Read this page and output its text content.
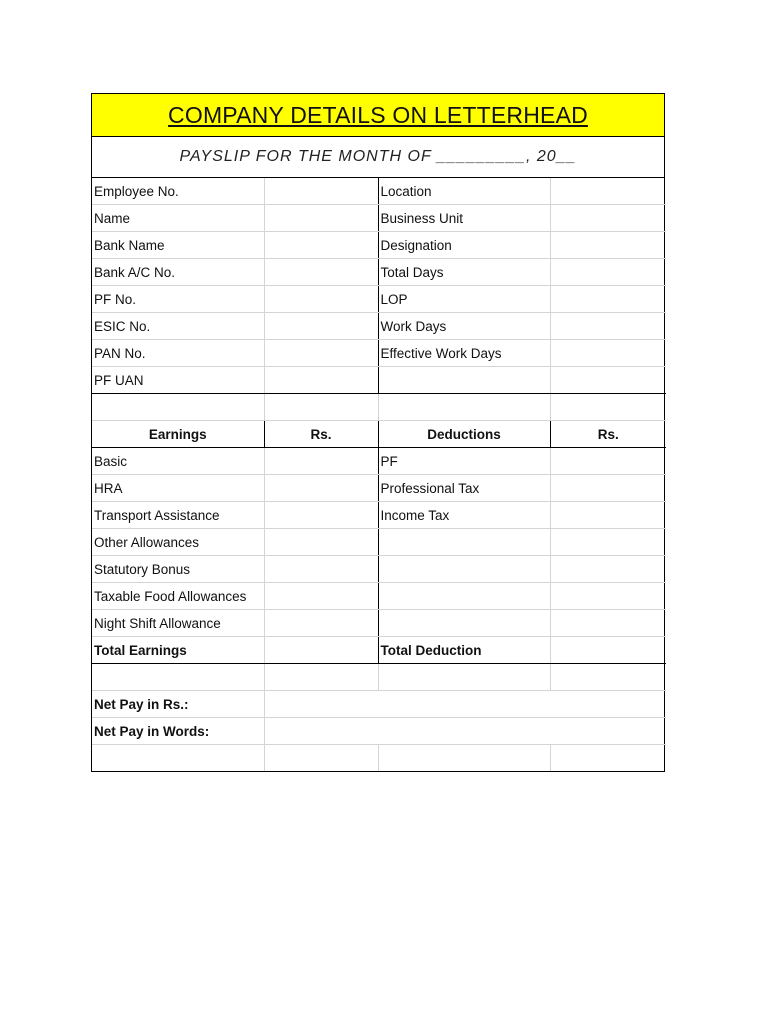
COMPANY DETAILS ON LETTERHEAD
PAYSLIP FOR THE MONTH OF _________, 20__
Employee No.		Location	
Name		Business Unit	
Bank Name		Designation	
Bank A/C No.		Total Days	
PF No.		LOP	
ESIC No.		Work Days	
PAN No.		Effective Work Days	
PF UAN			

Earnings	Rs.	Deductions	Rs.
Basic		PF	
HRA		Professional Tax	
Transport Assistance		Income Tax	
Other Allowances			
Statutory Bonus			
Taxable Food Allowances			
Night Shift Allowance			
Total Earnings		Total Deduction	

Net Pay in Rs.:			
Net Pay in Words:			
